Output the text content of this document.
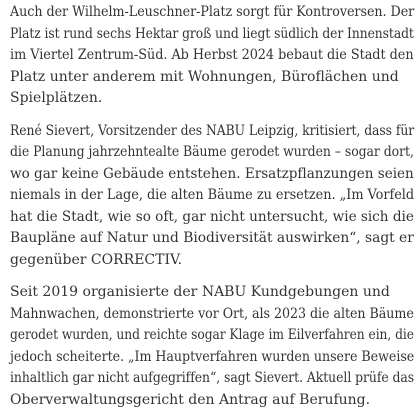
Auch der Wilhelm-Leuschner-Platz sorgt für Kontroversen. Der
Platz ist rund sechs Hektar groß und liegt südlich der Innenstadt
im Viertel Zentrum-Süd. Ab Herbst 2024 bebaut die Stadt den
Platz unter anderem mit Wohnungen, Büroflächen und
Spielplätzen.

René Sievert, Vorsitzender des NABU Leipzig, kritisiert, dass für
die Planung jahrzehntealte Bäume gerodet wurden – sogar dort,
wo gar keine Gebäude entstehen. Ersatzpflanzungen seien
niemals in der Lage, die alten Bäume zu ersetzen. „Im Vorfeld
hat die Stadt, wie so oft, gar nicht untersucht, wie sich die
Baupläne auf Natur und Biodiversität auswirken“, sagt er
gegenüber CORRECTIV.

Seit 2019 organisierte der NABU Kundgebungen und
Mahnwachen, demonstrierte vor Ort, als 2023 die alten Bäume
gerodet wurden, und reichte sogar Klage im Eilverfahren ein, die
jedoch scheiterte. „Im Hauptverfahren wurden unsere Beweise
inhaltlich gar nicht aufgegriffen“, sagt Sievert. Aktuell prüfe das
Oberverwaltungsgericht den Antrag auf Berufung.
